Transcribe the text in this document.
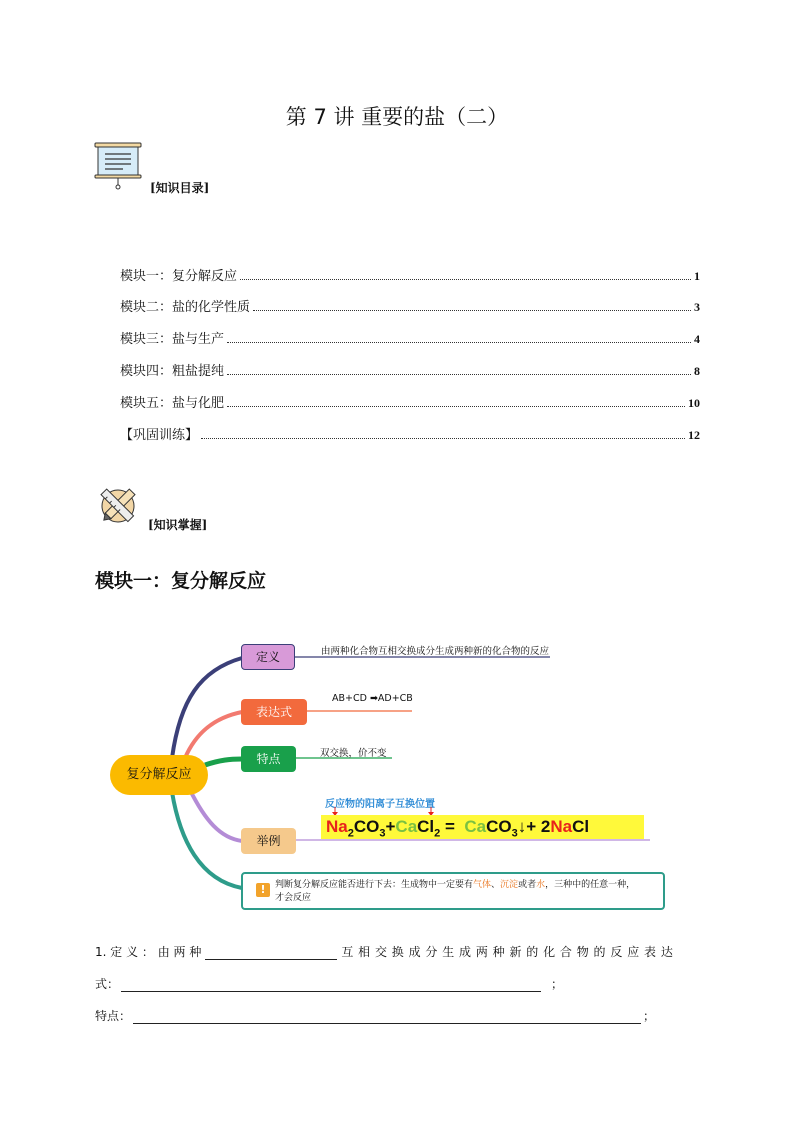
第 7 讲 重要的盐（二）
[知识目录]
模块一：复分解反应	1
模块二：盐的化学性质	3
模块三：盐与生产	4
模块四：粗盐提纯	8
模块五：盐与化肥	10
【巩固训练】	12
[知识掌握]
模块一：复分解反应
复分解反应
定义	由两种化合物互相交换成分生成两种新的化合物的反应
表达式
AB+CD ➡AD+CB
特点	双交换，价不变
举例
反应物的阳离子互换位置
$Na_2CO_3+CaCl_2$ =  CaCO$_3$↓+ 2NaCl
!	判断复分解反应能否进行下去：生成物中一定要有气体、沉淀或者水，三种中的任意一种，
才会反应
1. 定 义 ： 由 两 种	互 相 交 换 成 分 生 成 两 种 新 的 化 合 物 的 反 应 表 达
式：	；
特点：	；
